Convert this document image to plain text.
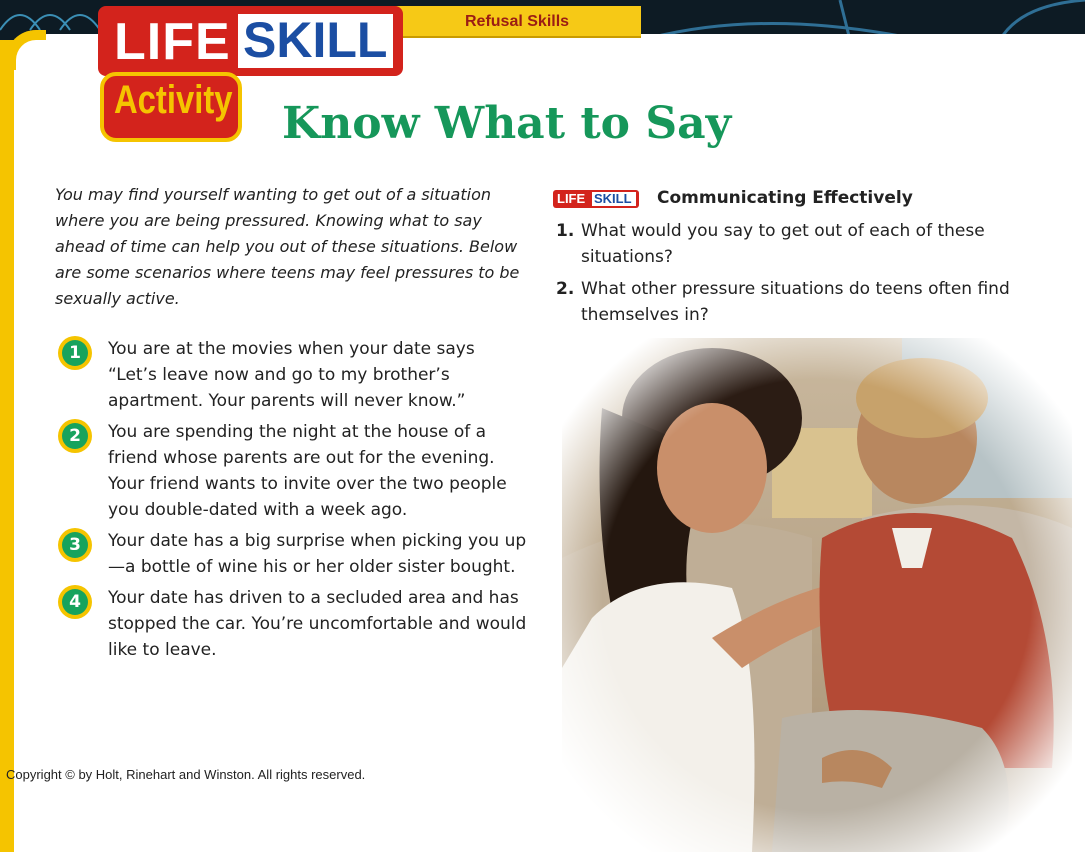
Refusal Skills
LIFE SKILL
Activity Know What to Say

You may find yourself wanting to get out of a situation where you are being pressured. Knowing what to say ahead of time can help you out of these situations. Below are some scenarios where teens may feel pressures to be sexually active.

1	You are at the movies when your date says “Let’s leave now and go to my brother’s apartment. Your parents will never know.”
2	You are spending the night at the house of a friend whose parents are out for the evening. Your friend wants to invite over the two people you double-dated with a week ago.
3	Your date has a big surprise when picking you up—a bottle of wine his or her older sister bought.
4	Your date has driven to a secluded area and has stopped the car. You’re uncomfortable and would like to leave.
LIFE SKILL Communicating Effectively
1. What would you say to get out of each of these situations?
2. What other pressure situations do teens often find themselves in?
Copyright © by Holt, Rinehart and Winston. All rights reserved.
